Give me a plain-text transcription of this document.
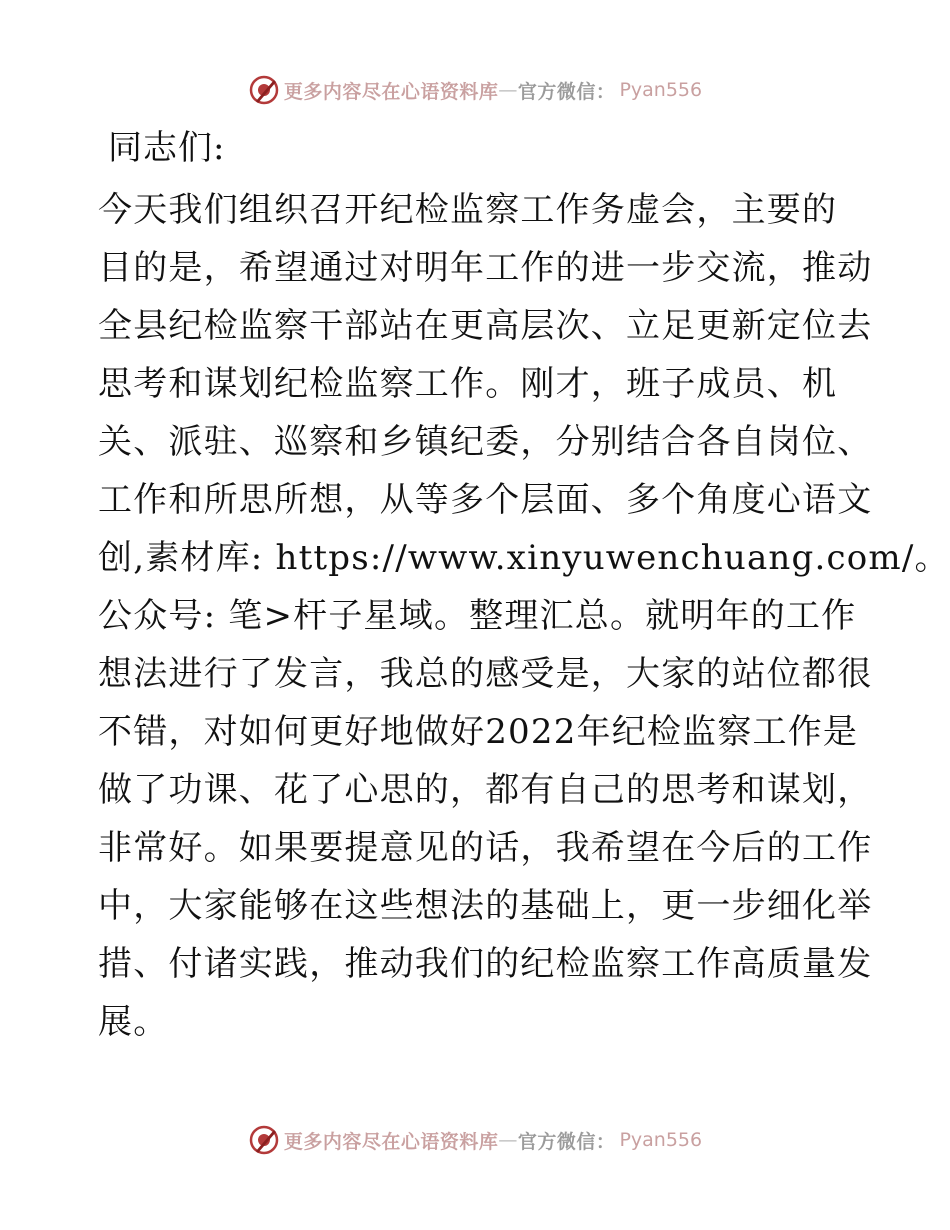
更多内容尽在心语资料库 — 官方微信： Pyan556
同志们:
今天我们组织召开纪检监察工作务虚会，主要的
目的是，希望通过对明年工作的进一步交流，推动
全县纪检监察干部站在更高层次、立足更新定位去
思考和谋划纪检监察工作。刚才，班子成员、机
关、派驻、巡察和乡镇纪委，分别结合各自岗位、
工作和所思所想，从等多个层面、多个角度心语文
创,素材库: https://www.xinyuwenchuang.com/。
公众号: 笔>杆子星域。整理汇总。就明年的工作
想法进行了发言，我总的感受是，大家的站位都很
不错，对如何更好地做好2022年纪检监察工作是
做了功课、花了心思的，都有自己的思考和谋划，
非常好。如果要提意见的话，我希望在今后的工作
中，大家能够在这些想法的基础上，更一步细化举
措、付诸实践，推动我们的纪检监察工作高质量发
展。
更多内容尽在心语资料库 — 官方微信： Pyan556
